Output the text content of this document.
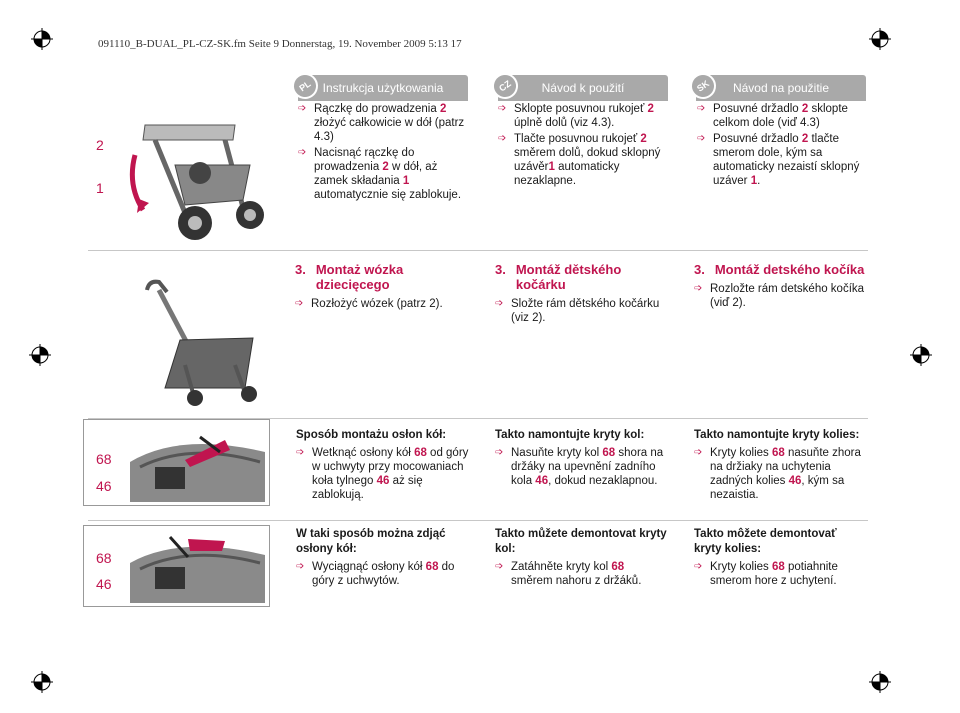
091110_B-DUAL_PL-CZ-SK.fm Seite 9 Donnerstag, 19. November 2009 5:13 17
PL Instrukcja użytkowania	CZ	Návod k použití	SK	Návod na použitie
2
1
➩ Rączkę do prowadzenia 2 złożyć całkowicie w dół (patrz 4.3)
➩ Nacisnąć rączkę do prowadzenia 2 w dół, aż zamek składania 1 automatycznie się zablokuje.
➩ Sklopte posuvnou rukojeť 2 úplně dolů (viz 4.3).
➩ Tlačte posuvnou rukojeť 2 směrem dolů, dokud sklopný uzávěr1 automaticky nezaklapne.
➩ Posuvné držadlo 2 sklopte celkom dole (viď 4.3)
➩ Posuvné držadlo 2 tlačte smerom dole, kým sa automaticky nezaistí sklopný uzáver 1.
3. Montaż wózka dziecięcego
➩ Rozłożyć wózek (patrz 2).
3. Montáž dětského kočárku
➩ Složte rám dětského kočárku (viz 2).
3. Montáž detského kočíka
➩ Rozložte rám detského kočíka (viď 2).
68
46
Sposób montażu osłon kół:
➩ Wetknąć osłony kół 68 od góry w uchwyty przy mocowaniach koła tylnego 46 aż się zablokują.
Takto namontujte kryty kol:
➩ Nasuňte kryty kol 68 shora na držáky na upevnění zadního kola 46, dokud nezaklapnou.
Takto namontujte kryty kolies:
➩ Kryty kolies 68 nasuňte zhora na držiaky na uchytenia zadných kolies 46, kým sa nezaistia.
68
46
W taki sposób można zdjąć osłony kół:
➩ Wyciągnąć osłony kół 68 do góry z uchwytów.
Takto můžete demontovat kryty kol:
➩ Zatáhněte kryty kol 68 směrem nahoru z držáků.
Takto môžete demontovať kryty kolies:
➩ Kryty kolies 68 potiahnite smerom hore z uchytení.
